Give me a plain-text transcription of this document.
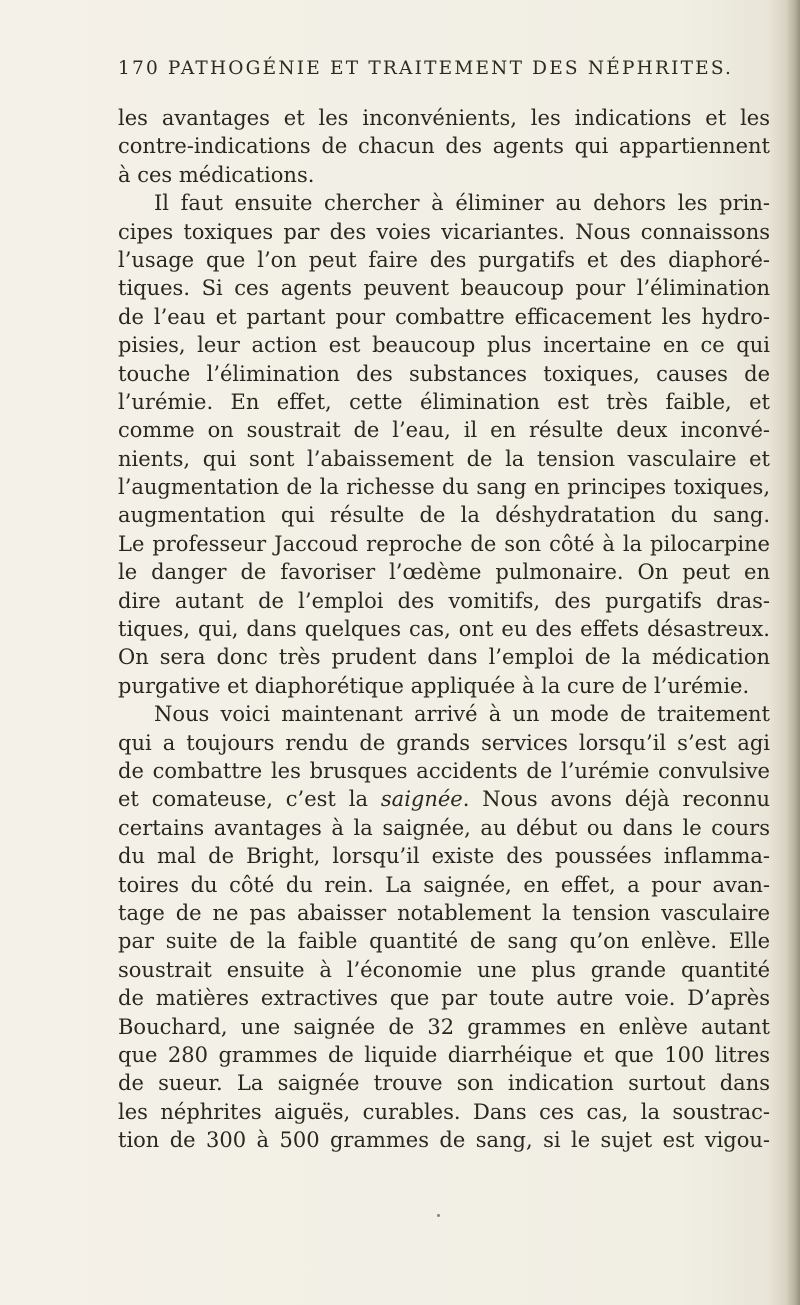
170 PATHOGÉNIE ET TRAITEMENT DES NÉPHRITES.
les avantages et les inconvénients, les indications et les
contre-indications de chacun des agents qui appartiennent
à ces médications.
Il faut ensuite chercher à éliminer au dehors les prin-
cipes toxiques par des voies vicariantes. Nous connaissons
l’usage que l’on peut faire des purgatifs et des diaphoré-
tiques. Si ces agents peuvent beaucoup pour l’élimination
de l’eau et partant pour combattre efficacement les hydro-
pisies, leur action est beaucoup plus incertaine en ce qui
touche l’élimination des substances toxiques, causes de
l’urémie. En effet, cette élimination est très faible, et
comme on soustrait de l’eau, il en résulte deux inconvé-
nients, qui sont l’abaissement de la tension vasculaire et
l’augmentation de la richesse du sang en principes toxiques,
augmentation qui résulte de la déshydratation du sang.
Le professeur Jaccoud reproche de son côté à la pilocarpine
le danger de favoriser l’œdème pulmonaire. On peut en
dire autant de l’emploi des vomitifs, des purgatifs dras-
tiques, qui, dans quelques cas, ont eu des effets désastreux.
On sera donc très prudent dans l’emploi de la médication
purgative et diaphorétique appliquée à la cure de l’urémie.
Nous voici maintenant arrivé à un mode de traitement
qui a toujours rendu de grands services lorsqu’il s’est agi
de combattre les brusques accidents de l’urémie convulsive
et comateuse, c’est la saignée. Nous avons déjà reconnu
certains avantages à la saignée, au début ou dans le cours
du mal de Bright, lorsqu’il existe des poussées inflamma-
toires du côté du rein. La saignée, en effet, a pour avan-
tage de ne pas abaisser notablement la tension vasculaire
par suite de la faible quantité de sang qu’on enlève. Elle
soustrait ensuite à l’économie une plus grande quantité
de matières extractives que par toute autre voie. D’après
Bouchard, une saignée de 32 grammes en enlève autant
que 280 grammes de liquide diarrhéique et que 100 litres
de sueur. La saignée trouve son indication surtout dans
les néphrites aiguës, curables. Dans ces cas, la soustrac-
tion de 300 à 500 grammes de sang, si le sujet est vigou-
